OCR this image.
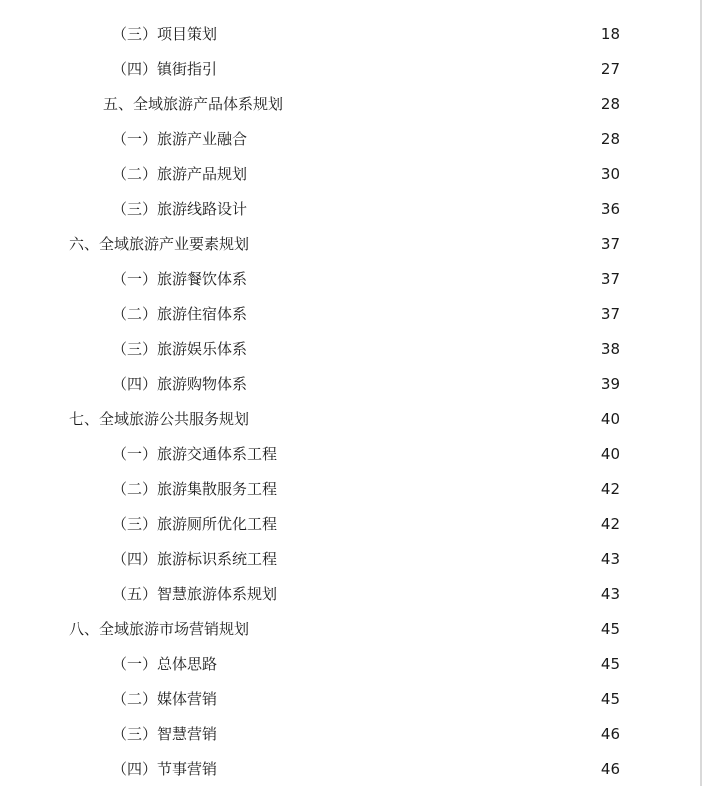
（三）项目策划	18
（四）镇街指引	27
五、全域旅游产品体系规划	28
（一）旅游产业融合	28
（二）旅游产品规划	30
（三）旅游线路设计	36
六、全域旅游产业要素规划	37
（一）旅游餐饮体系	37
（二）旅游住宿体系	37
（三）旅游娱乐体系	38
（四）旅游购物体系	39
七、全域旅游公共服务规划	40
（一）旅游交通体系工程	40
（二）旅游集散服务工程	42
（三）旅游厕所优化工程	42
（四）旅游标识系统工程	43
（五）智慧旅游体系规划	43
八、全域旅游市场营销规划	45
（一）总体思路	45
（二）媒体营销	45
（三）智慧营销	46
（四）节事营销	46
